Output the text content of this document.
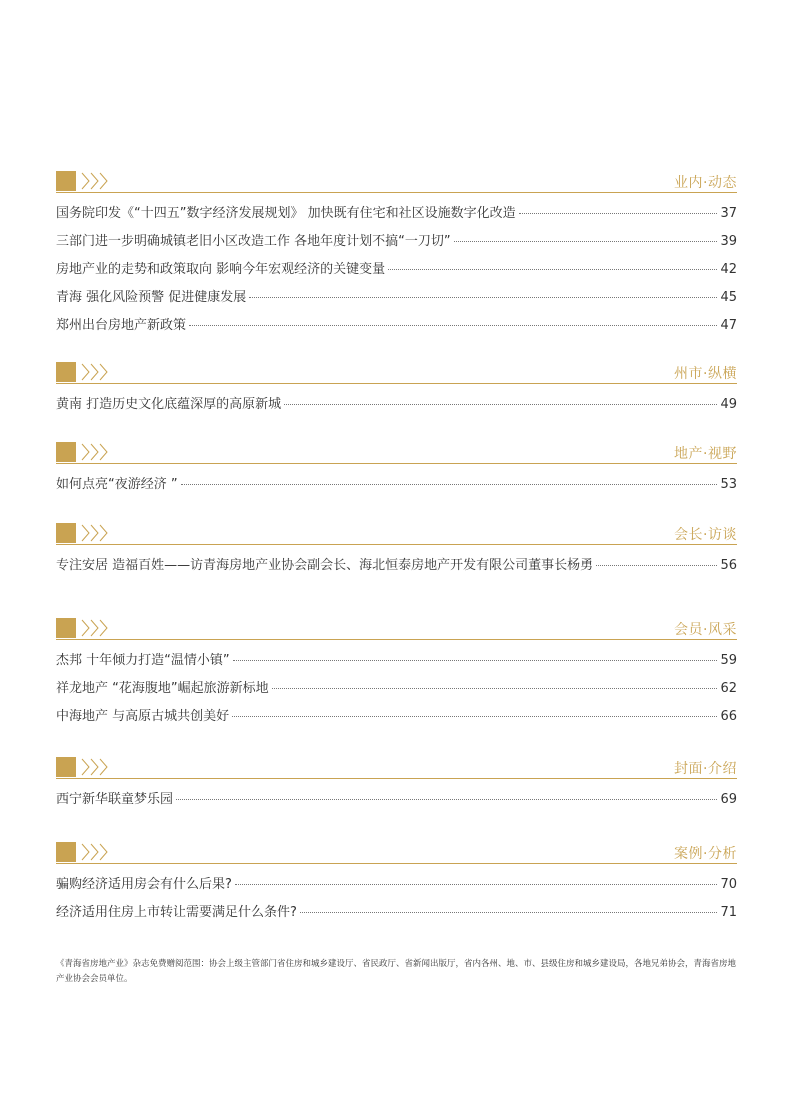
业内·动态
国务院印发《“十四五”数字经济发展规划》 加快既有住宅和社区设施数字化改造	37
三部门进一步明确城镇老旧小区改造工作 各地年度计划不搞“一刀切”	39
房地产业的走势和政策取向 影响今年宏观经济的关键变量	42
青海 强化风险预警 促进健康发展	45
郑州出台房地产新政策	47
州市·纵横
黄南 打造历史文化底蕴深厚的高原新城	49
地产·视野
如何点亮“夜游经济 ”	53
会长·访谈
专注安居 造福百姓——访青海房地产业协会副会长、海北恒泰房地产开发有限公司董事长杨勇	56
会员·风采
杰邦 十年倾力打造“温情小镇”	59
祥龙地产 “花海腹地”崛起旅游新标地	62
中海地产 与高原古城共创美好	66
封面·介绍
西宁新华联童梦乐园	69
案例·分析
骗购经济适用房会有什么后果?	70
经济适用住房上市转让需要满足什么条件?	71
《青海省房地产业》杂志免费赠阅范围：协会上级主管部门省住房和城乡建设厅、省民政厅、省新闻出版厅，省内各州、地、市、县级住房和城乡建设局，各地兄弟协会，青海省房地产业协会会员单位。
